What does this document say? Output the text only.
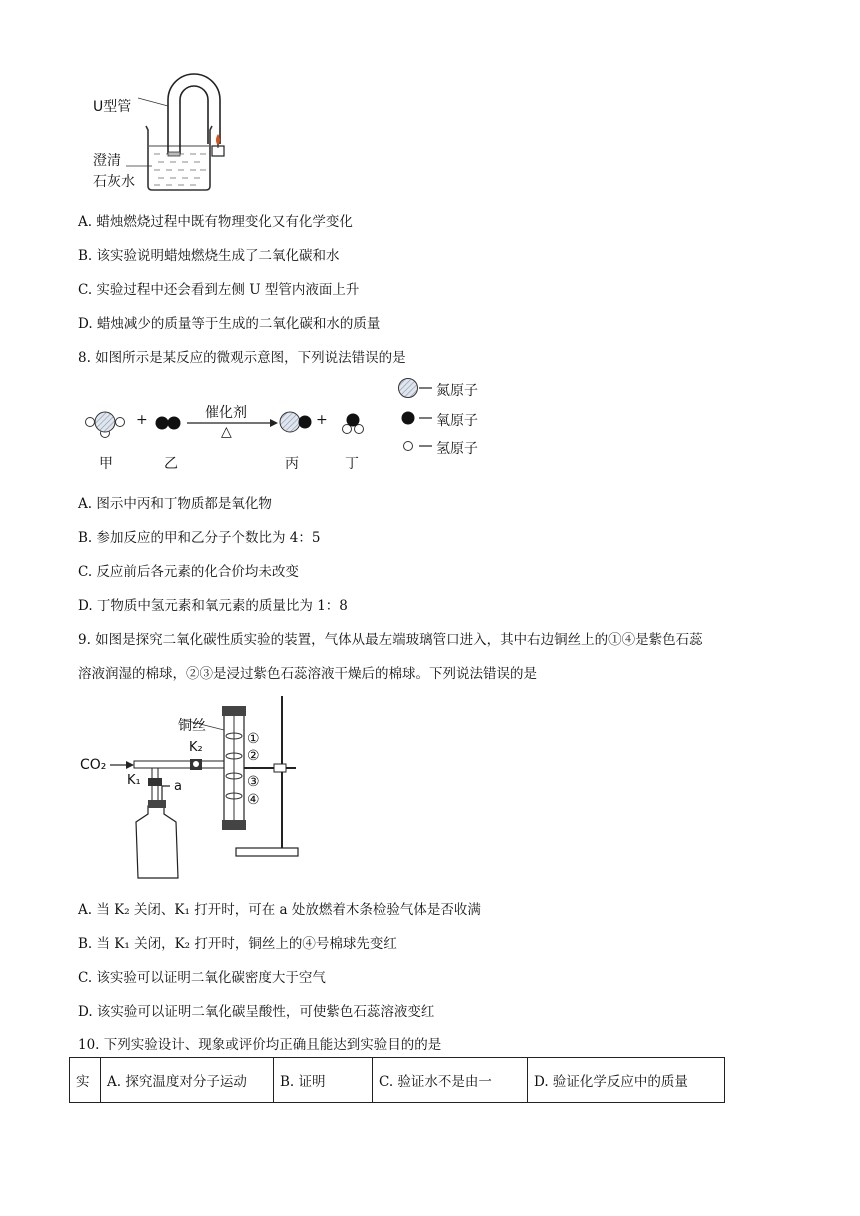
U型管
澄清
石灰水
A. 蜡烛燃烧过程中既有物理变化又有化学变化
B. 该实验说明蜡烛燃烧生成了二氧化碳和水
C. 实验过程中还会看到左侧 U 型管内液面上升
D. 蜡烛减少的质量等于生成的二氧化碳和水的质量
8. 如图所示是某反应的微观示意图，下列说法错误的是
+	+
催化剂
△
甲	乙	丙	丁
氮原子
氧原子
氢原子
A. 图示中丙和丁物质都是氧化物
B. 参加反应的甲和乙分子个数比为 4：5
C. 反应前后各元素的化合价均未改变
D. 丁物质中氢元素和氧元素的质量比为 1：8
9. 如图是探究二氧化碳性质实验的装置，气体从最左端玻璃管口进入，其中右边铜丝上的①④是紫色石蕊
溶液润湿的棉球，②③是浸过紫色石蕊溶液干燥后的棉球。下列说法错误的是
铜丝
CO₂
K₂
K₁	a
①
②
③
④
A. 当 K₂ 关闭、K₁ 打开时，可在 a 处放燃着木条检验气体是否收满
B. 当 K₁ 关闭，K₂ 打开时，铜丝上的④号棉球先变红
C. 该实验可以证明二氧化碳密度大于空气
D. 该实验可以证明二氧化碳呈酸性，可使紫色石蕊溶液变红
10. 下列实验设计、现象或评价均正确且能达到实验目的的是
实	A. 探究温度对分子运动	B. 证明	C. 验证水不是由一	D. 验证化学反应中的质量
